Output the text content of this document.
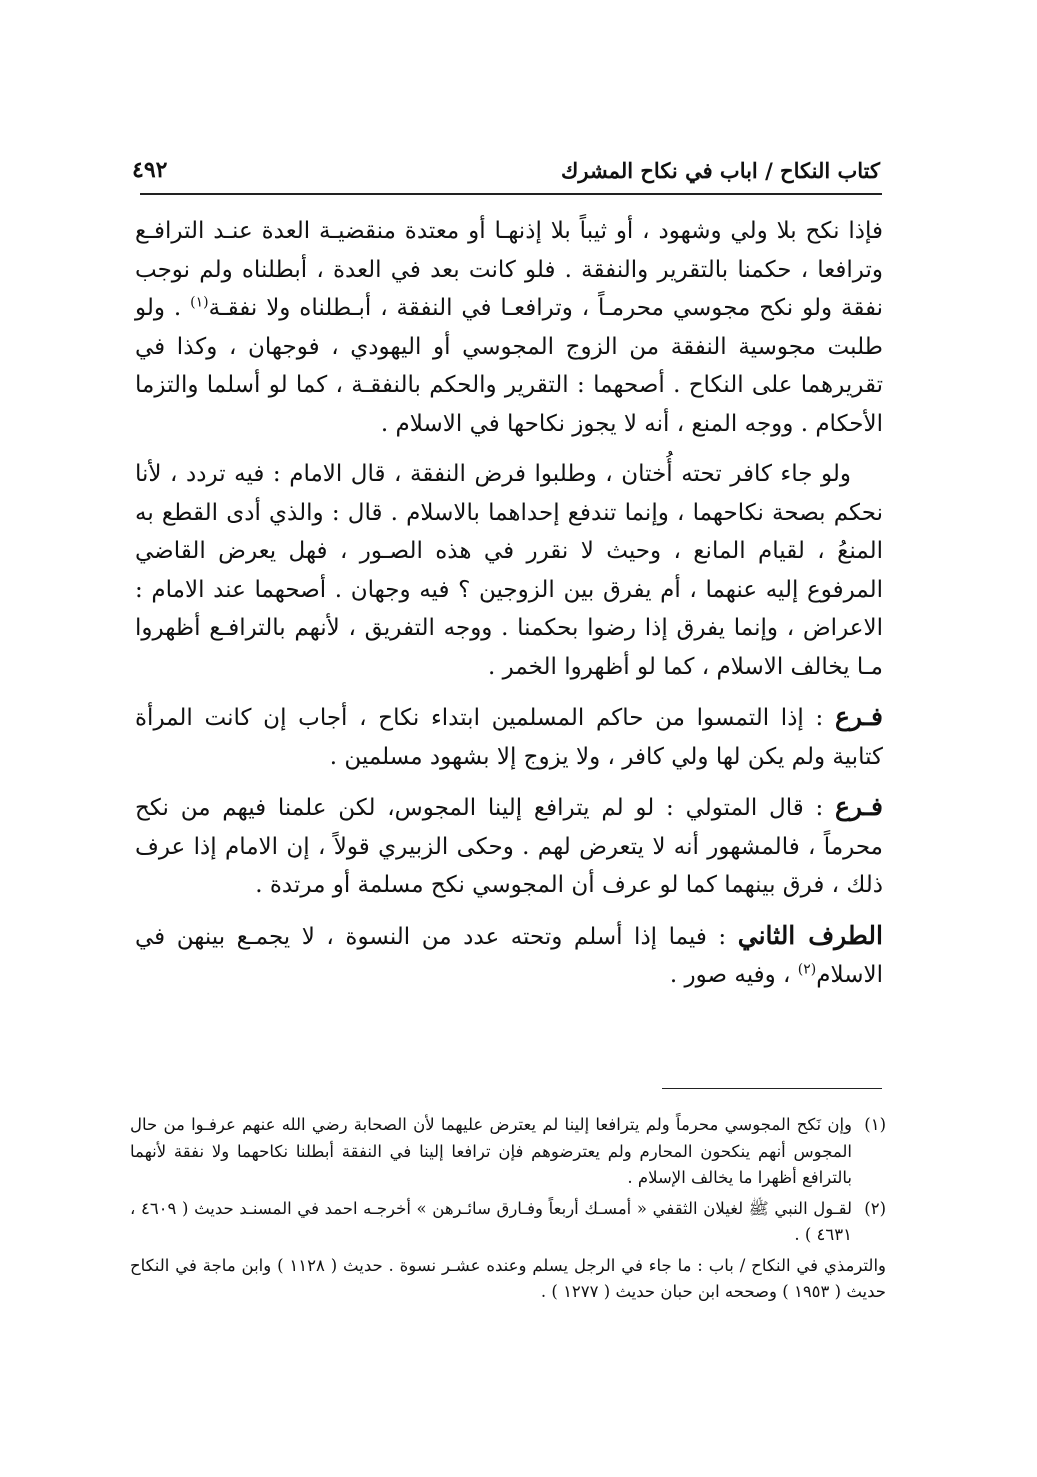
كتاب النكاح / اباب في نكاح المشرك
٤٩٢

فإذا نكح بلا ولي وشهود ، أو ثيباً بلا إذنهـا أو معتدة منقضيـة العدة عنـد الترافـع وترافعا ، حكمنا بالتقرير والنفقة . فلو كانت بعد في العدة ، أبطلناه ولم نوجب نفقة ولو نكح مجوسي محرمـاً ، وترافعـا في النفقة ، أبـطلناه ولا نفقـة$^{(١)}$ . ولو طلبت مجوسية النفقة من الزوج المجوسي أو اليهودي ، فوجهان ، وكذا في تقريرهما على النكاح . أصحهما : التقرير والحكم بالنفقـة ، كما لو أسلما والتزما الأحكام . ووجه المنع ، أنه لا يجوز نكاحها في الاسلام .

ولو جاء كافر تحته أُختان ، وطلبوا فرض النفقة ، قال الامام : فيه تردد ، لأنا نحكم بصحة نكاحهما ، وإنما تندفع إحداهما بالاسلام . قال : والذي أدى القطع به المنعُ ، لقيام المانع ، وحيث لا نقرر في هذه الصـور ، فهل يعرض القاضي المرفوع إليه عنهما ، أم يفرق بين الزوجين ؟ فيه وجهان . أصحهما عند الامام : الاعراض ، وإنما يفرق إذا رضوا بحكمنا . ووجه التفريق ، لأنهم بالترافـع أظهروا مـا يخالف الاسلام ، كما لو أظهروا الخمر .

فـرع : إذا التمسوا من حاكم المسلمين ابتداء نكاح ، أجاب إن كانت المرأة كتابية ولم يكن لها ولي كافر ، ولا يزوج إلا بشهود مسلمين .

فـرع : قال المتولي : لو لم يترافع إلينا المجوس، لكن علمنا فيهم من نكح محرماً ، فالمشهور أنه لا يتعرض لهم . وحكى الزبيري قولاً ، إن الامام إذا عرف ذلك ، فرق بينهما كما لو عرف أن المجوسي نكح مسلمة أو مرتدة .

الطرف الثاني : فيما إذا أسلم وتحته عدد من النسوة ، لا يجمـع بينهن في الاسلام$^{(٢)}$ ، وفيه صور .

(١)
وإن نَكح المجوسي محرماً ولم يترافعا إلينا لم يعترض عليهما لأن الصحابة رضي الله عنهم عرفـوا من حال المجوس أنهم ينكحون المحارم ولم يعترضوهم فإن ترافعا إلينا في النفقة أبطلنا نكاحهما ولا نفقة لأنهما بالترافع أظهرا ما يخالف الإسلام .
(٢)
لقـول النبي ﷺ لغيلان الثقفي « أمسـك أربعاً وفـارق سائـرهن » أخرجـه احمد في المسنـد حديث ( ٤٦٠٩ ، ٤٦٣١ ) .
والترمذي في النكاح / باب : ما جاء في الرجل يسلم وعنده عشـر نسوة . حديث ( ١١٢٨ ) وابن ماجة في النكاح حديث ( ١٩٥٣ ) وصححه ابن حبان حديث ( ١٢٧٧ ) .
